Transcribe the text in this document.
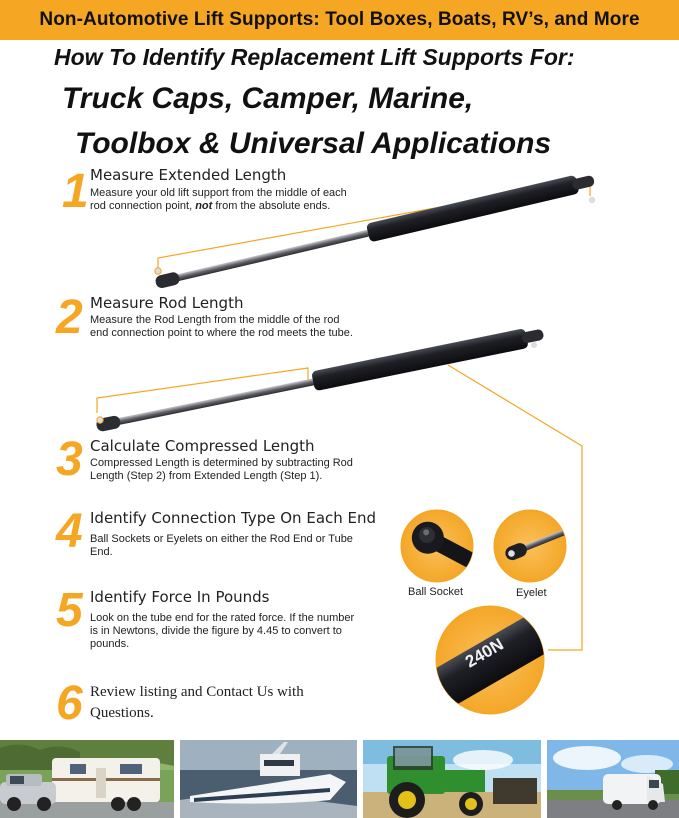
Non-Automotive Lift Supports: Tool Boxes, Boats, RV’s, and More
How To Identify Replacement Lift Supports For:
Truck Caps, Camper, Marine,
Toolbox & Universal Applications
1
2
3
4
5
6
Measure Extended Length
Measure your old lift support from the middle of each
rod connection point, not from the absolute ends.
Measure Rod Length
Measure the Rod Length from the middle of the rod
end connection point to where the rod meets the tube.
Calculate Compressed Length
Compressed Length is determined by subtracting Rod
Length (Step 2) from Extended Length (Step 1).
Identify Connection Type On Each End
Ball Sockets or Eyelets on either the Rod End or Tube
End.
Identify Force In Pounds
Look on the tube end for the rated force. If the number
is in Newtons, divide the figure by 4.45 to convert to
pounds.
Review listing and Contact Us with Questions.
Ball Socket	Eyelet
240N
